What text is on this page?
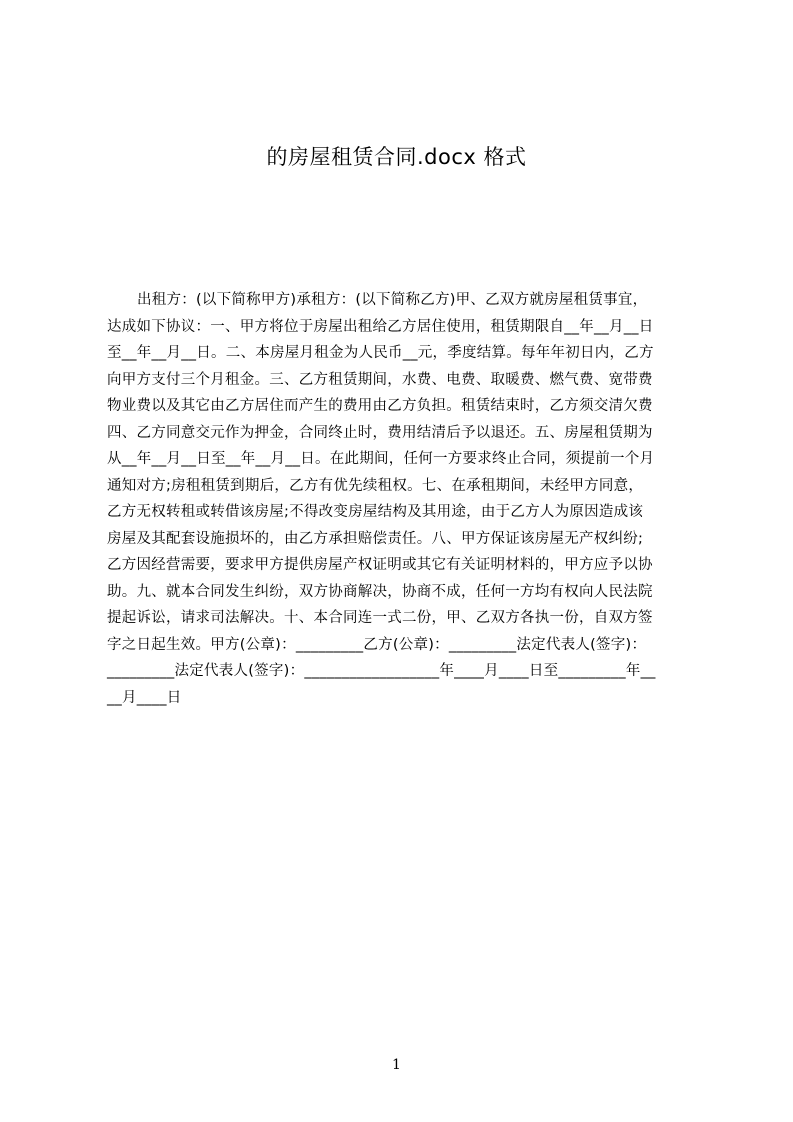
的房屋租赁合同.docx 格式
出租方：(以下简称甲方)承租方：(以下简称乙方)甲、乙双方就房屋租赁事宜，
达成如下协议：一、甲方将位于房屋出租给乙方居住使用，租赁期限自__年__月__日
至__年__月__日。二、本房屋月租金为人民币__元，季度结算。每年年初日内，乙方
向甲方支付三个月租金。三、乙方租赁期间，水费、电费、取暖费、燃气费、宽带费
物业费以及其它由乙方居住而产生的费用由乙方负担。租赁结束时，乙方须交清欠费
四、乙方同意交元作为押金，合同终止时，费用结清后予以退还。五、房屋租赁期为
从__年__月__日至__年__月__日。在此期间，任何一方要求终止合同，须提前一个月
通知对方;房租租赁到期后，乙方有优先续租权。七、在承租期间，未经甲方同意，
乙方无权转租或转借该房屋;不得改变房屋结构及其用途，由于乙方人为原因造成该
房屋及其配套设施损坏的，由乙方承担赔偿责任。八、甲方保证该房屋无产权纠纷;
乙方因经营需要，要求甲方提供房屋产权证明或其它有关证明材料的，甲方应予以协
助。九、就本合同发生纠纷，双方协商解决，协商不成，任何一方均有权向人民法院
提起诉讼，请求司法解决。十、本合同连一式二份，甲、乙双方各执一份，自双方签
字之日起生效。甲方(公章)：_________乙方(公章)：_________法定代表人(签字)：
_________法定代表人(签字)：__________________年____月____日至_________年__
__月____日
1
